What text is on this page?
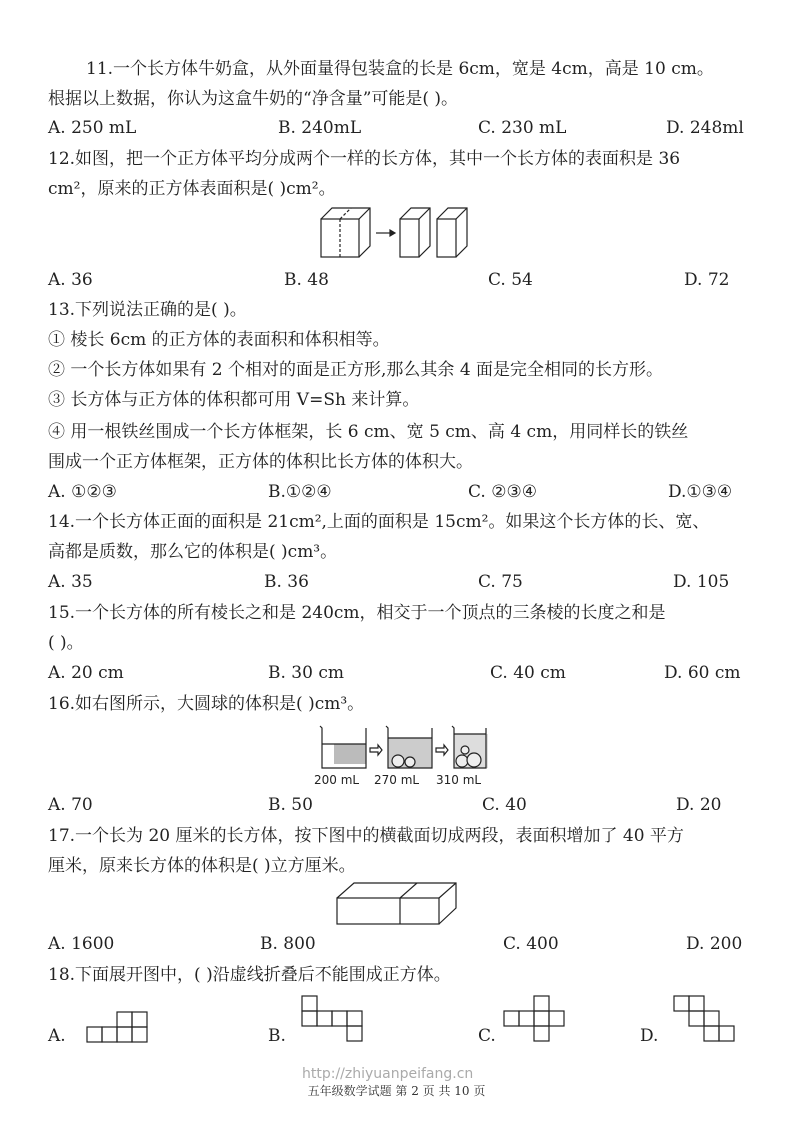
11.一个长方体牛奶盒，从外面量得包装盒的长是 6cm，宽是 4cm，高是 10 cm。
根据以上数据，你认为这盒牛奶的“净含量”可能是( )。
A. 250 mL	B. 240mL	C. 230 mL	D. 248ml
12.如图，把一个正方体平均分成两个一样的长方体，其中一个长方体的表面积是 36
cm²，原来的正方体表面积是( )cm²。
A. 36	B. 48	C. 54	D. 72
13.下列说法正确的是( )。
① 棱长 6cm 的正方体的表面积和体积相等。
② 一个长方体如果有 2 个相对的面是正方形,那么其余 4 面是完全相同的长方形。
③ 长方体与正方体的体积都可用 V=Sh 来计算。
④ 用一根铁丝围成一个长方体框架，长 6 cm、宽 5 cm、高 4 cm，用同样长的铁丝
围成一个正方体框架，正方体的体积比长方体的体积大。
A. ①②③	B.①②④	C. ②③④	D.①③④
14.一个长方体正面的面积是 21cm²,上面的面积是 15cm²。如果这个长方体的长、宽、
高都是质数，那么它的体积是( )cm³。
A. 35	B. 36	C. 75	D. 105
15.一个长方体的所有棱长之和是 240cm，相交于一个顶点的三条棱的长度之和是
( )。
A. 20 cm	B. 30 cm	C. 40 cm	D. 60 cm
16.如右图所示，大圆球的体积是( )cm³。
200 mL 270 mL 310 mL
A. 70	B. 50	C. 40	D. 20
17.一个长为 20 厘米的长方体，按下图中的横截面切成两段，表面积增加了 40 平方
厘米，原来长方体的体积是( )立方厘米。
A. 1600	B. 800	C. 400	D. 200
18.下面展开图中，( )沿虚线折叠后不能围成正方体。
A.	B.	C.	D.
http://zhiyuanpeifang.cn
五年级数学试题 第 2 页 共 10 页
